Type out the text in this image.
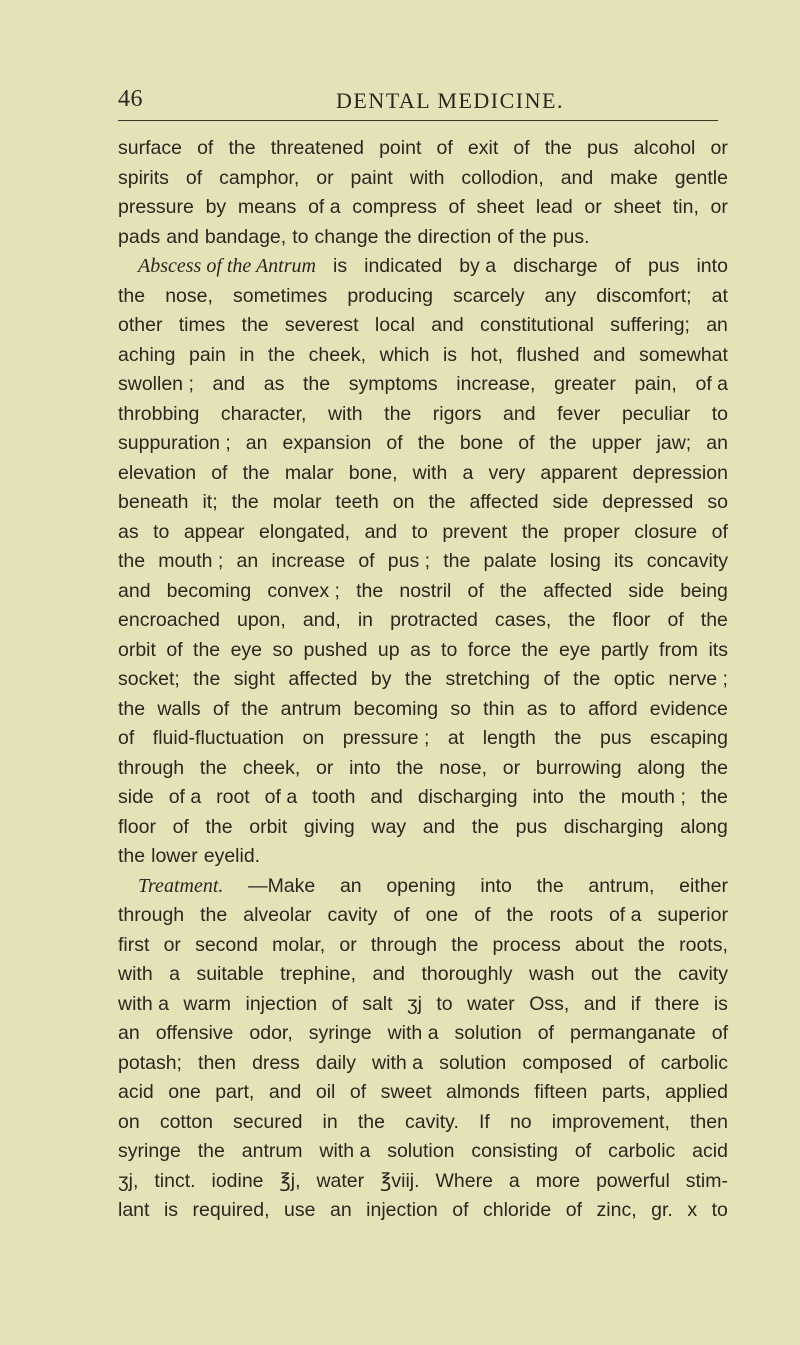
46	DENTAL MEDICINE.
surface of the threatened point of exit of the pus alcohol or
spirits of camphor, or paint with collodion, and make gentle
pressure by means of a compress of sheet lead or sheet tin, or
pads and bandage, to change the direction of the pus.
Abscess of the Antrum is indicated by a discharge of pus into
the nose, sometimes producing scarcely any discomfort; at
other times the severest local and constitutional suffering; an
aching pain in the cheek, which is hot, flushed and somewhat
swollen ; and as the symptoms increase, greater pain, of a
throbbing character, with the rigors and fever peculiar to
suppuration ; an expansion of the bone of the upper jaw; an
elevation of the malar bone, with a very apparent depression
beneath it; the molar teeth on the affected side depressed so
as to appear elongated, and to prevent the proper closure of
the mouth ; an increase of pus ; the palate losing its concavity
and becoming convex ; the nostril of the affected side being
encroached upon, and, in protracted cases, the floor of the
orbit of the eye so pushed up as to force the eye partly from its
socket; the sight affected by the stretching of the optic nerve ;
the walls of the antrum becoming so thin as to afford evidence
of fluid-fluctuation on pressure ; at length the pus escaping
through the cheek, or into the nose, or burrowing along the
side of a root of a tooth and discharging into the mouth ; the
floor of the orbit giving way and the pus discharging along
the lower eyelid.
Treatment. —Make an opening into the antrum, either
through the alveolar cavity of one of the roots of a superior
first or second molar, or through the process about the roots,
with a suitable trephine, and thoroughly wash out the cavity
with a warm injection of salt ʒj to water Oss, and if there is
an offensive odor, syringe with a solution of permanganate of
potash; then dress daily with a solution composed of carbolic
acid one part, and oil of sweet almonds fifteen parts, applied
on cotton secured in the cavity. If no improvement, then
syringe the antrum with a solution consisting of carbolic acid
ʒj, tinct. iodine ℥j, water ℥viij. Where a more powerful stim-
lant is required, use an injection of chloride of zinc, gr. x to
